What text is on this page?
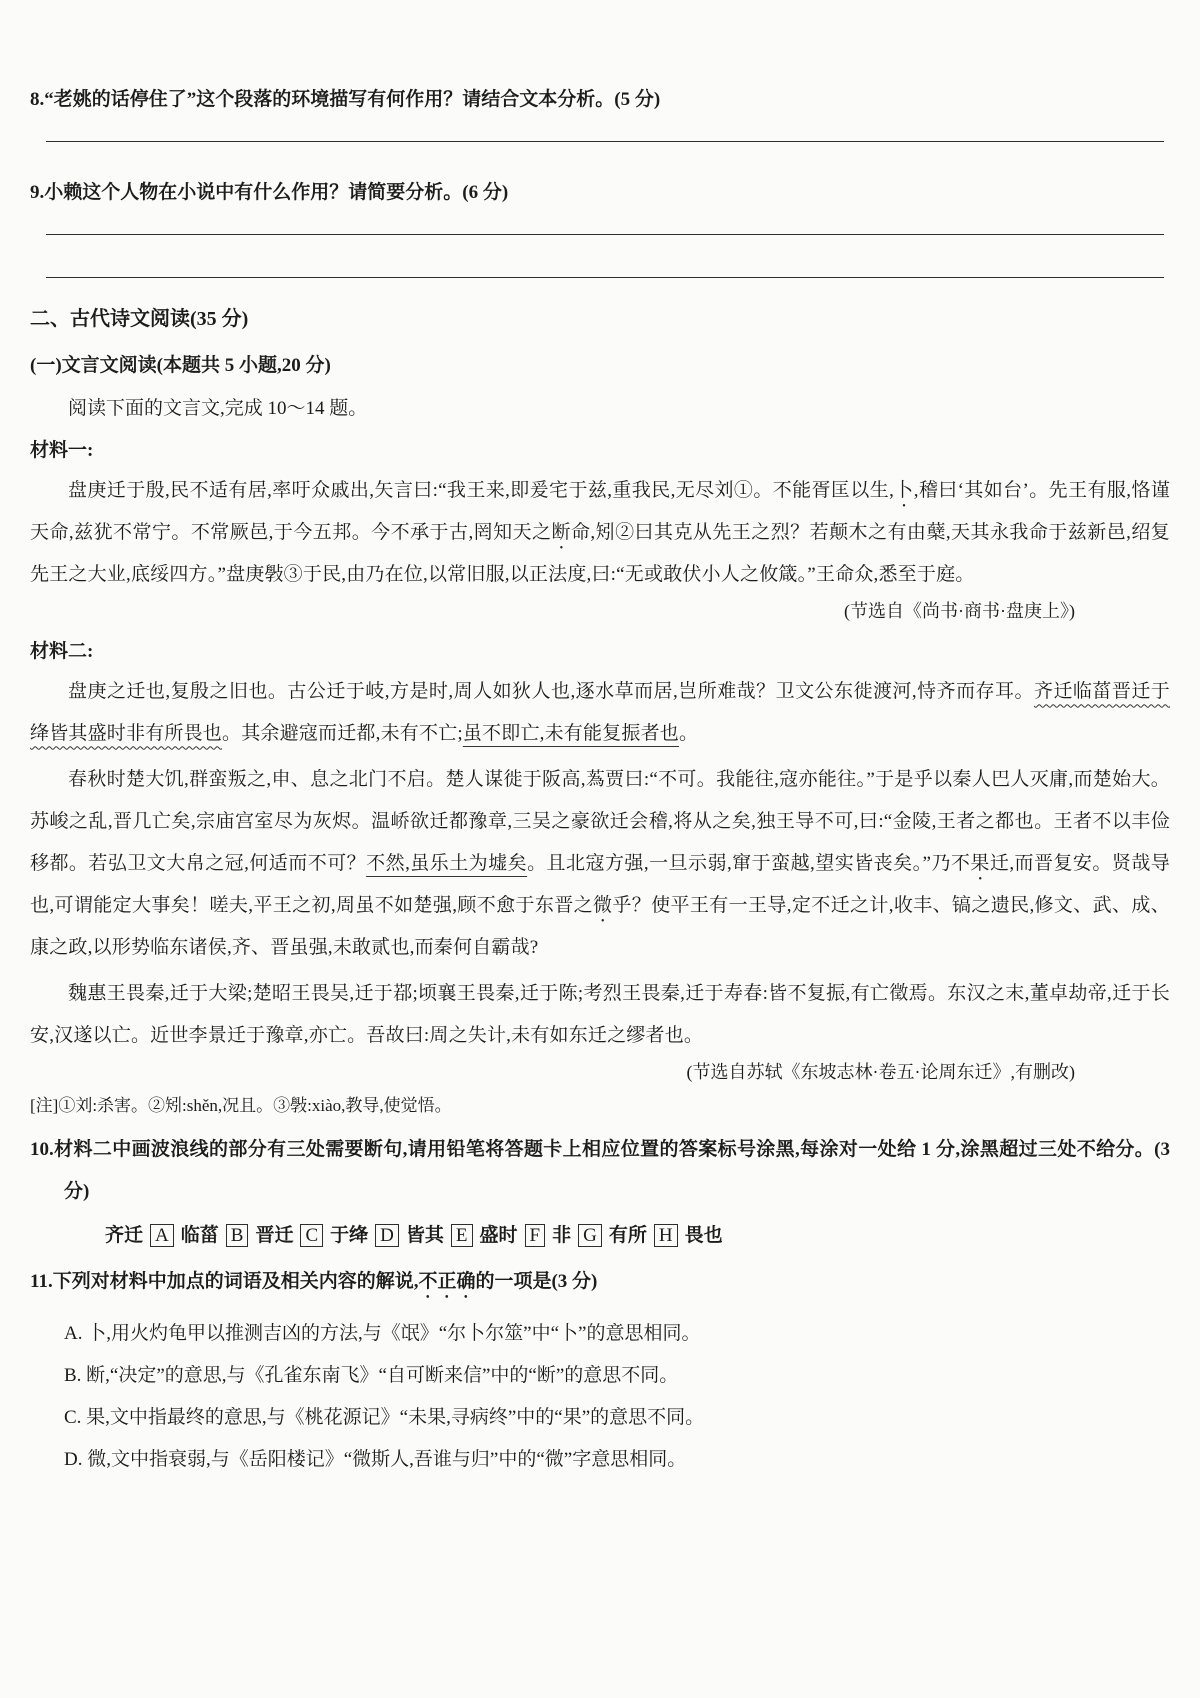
8.“老姚的话停住了”这个段落的环境描写有何作用？请结合文本分析。(5 分)

9.小赖这个人物在小说中有什么作用？请简要分析。(6 分)

二、古代诗文阅读(35 分)

(一)文言文阅读(本题共 5 小题,20 分)

阅读下面的文言文,完成 10～14 题。

材料一:

盘庚迁于殷,民不适有居,率吁众戚出,矢言曰:“我王来,即爰宅于兹,重我民,无尽刘①。不能胥匡以生,卜,稽曰‘其如台’。先王有服,恪谨天命,兹犹不常宁。不常厥邑,于今五邦。今不承于古,罔知天之断命,矧②曰其克从先王之烈？若颠木之有由蘖,天其永我命于兹新邑,绍复先王之大业,底绥四方。”盘庚斅③于民,由乃在位,以常旧服,以正法度,曰:“无或敢伏小人之攸箴。”王命众,悉至于庭。

(节选自《尚书·商书·盘庚上》)

材料二:

盘庚之迁也,复殷之旧也。古公迁于岐,方是时,周人如狄人也,逐水草而居,岂所难哉？卫文公东徙渡河,恃齐而存耳。齐迁临菑晋迁于绛皆其盛时非有所畏也。其余避寇而迁都,未有不亡;虽不即亡,未有能复振者也。

春秋时楚大饥,群蛮叛之,申、息之北门不启。楚人谋徙于阪高,蒍贾曰:“不可。我能往,寇亦能往。”于是乎以秦人巴人灭庸,而楚始大。苏峻之乱,晋几亡矣,宗庙宫室尽为灰烬。温峤欲迁都豫章,三吴之豪欲迁会稽,将从之矣,独王导不可,曰:“金陵,王者之都也。王者不以丰俭移都。若弘卫文大帛之冠,何适而不可？不然,虽乐土为墟矣。且北寇方强,一旦示弱,窜于蛮越,望实皆丧矣。”乃不果迁,而晋复安。贤哉导也,可谓能定大事矣！嗟夫,平王之初,周虽不如楚强,顾不愈于东晋之微乎？使平王有一王导,定不迁之计,收丰、镐之遗民,修文、武、成、康之政,以形势临东诸侯,齐、晋虽强,未敢贰也,而秦何自霸哉?

魏惠王畏秦,迁于大梁;楚昭王畏吴,迁于鄀;顷襄王畏秦,迁于陈;考烈王畏秦,迁于寿春:皆不复振,有亡徵焉。东汉之末,董卓劫帝,迁于长安,汉遂以亡。近世李景迁于豫章,亦亡。吾故曰:周之失计,未有如东迁之缪者也。

(节选自苏轼《东坡志林·卷五·论周东迁》,有删改)

[注]①刘:杀害。②矧:shěn,况且。③斅:xiào,教导,使觉悟。

10.材料二中画波浪线的部分有三处需要断句,请用铅笔将答题卡上相应位置的答案标号涂黑,每涂对一处给 1 分,涂黑超过三处不给分。(3 分)

齐迁 A 临菑 B 晋迁 C 于绛 D 皆其 E 盛时 F 非 G 有所 H 畏也

11.下列对材料中加点的词语及相关内容的解说,不正确的一项是(3 分)

A. 卜,用火灼龟甲以推测吉凶的方法,与《氓》“尔卜尔筮”中“卜”的意思相同。

B. 断,“决定”的意思,与《孔雀东南飞》“自可断来信”中的“断”的意思不同。

C. 果,文中指最终的意思,与《桃花源记》“未果,寻病终”中的“果”的意思不同。

D. 微,文中指衰弱,与《岳阳楼记》“微斯人,吾谁与归”中的“微”字意思相同。
